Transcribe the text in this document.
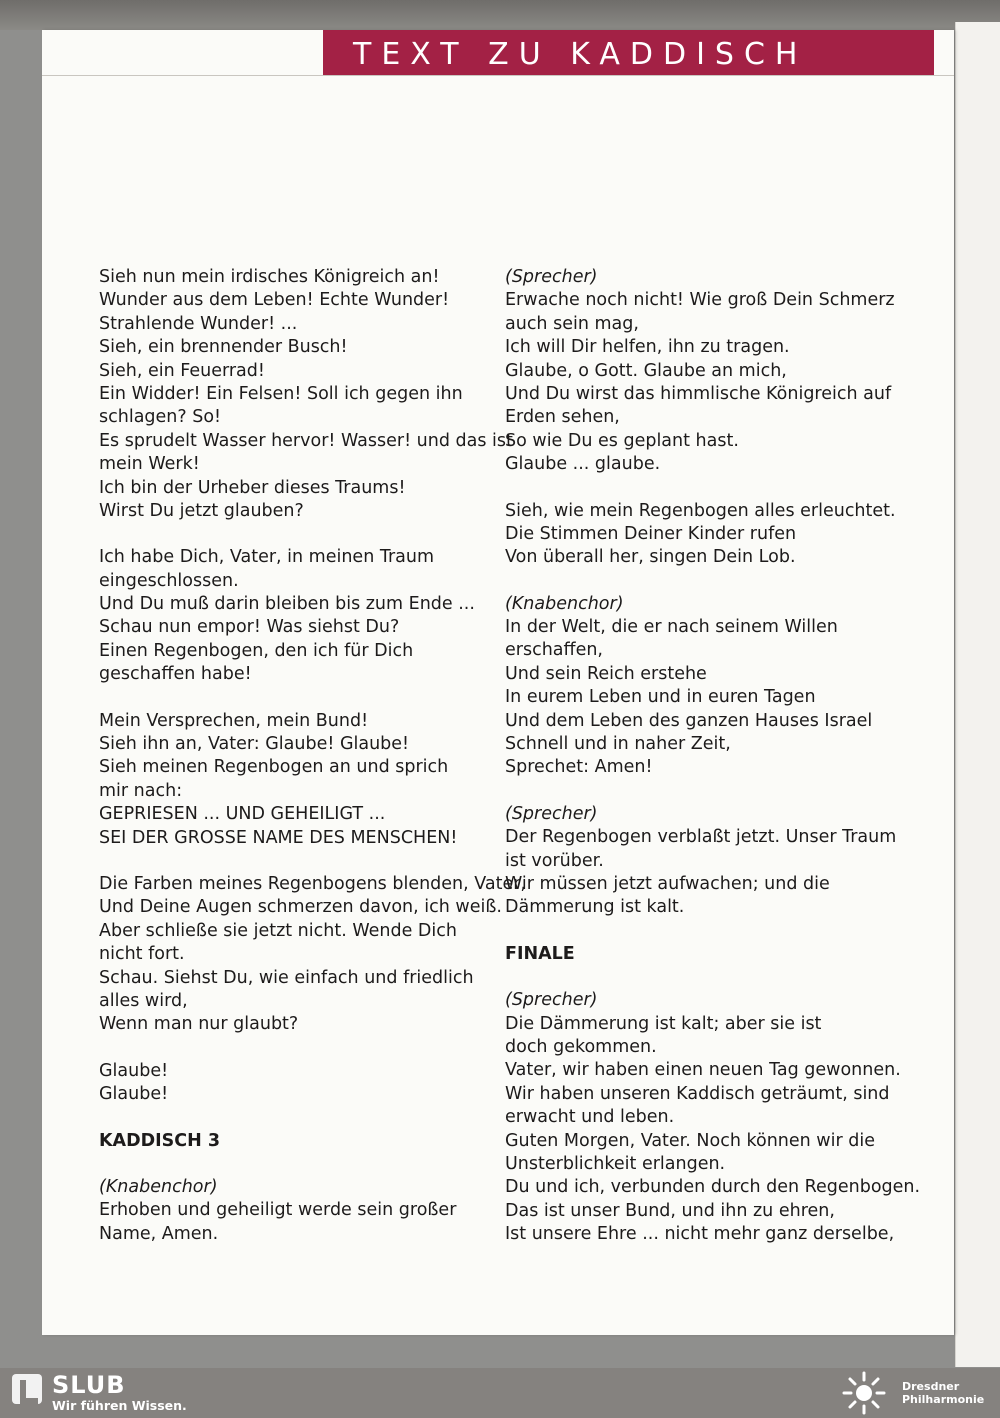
TEXT ZU KADDISCH
Sieh nun mein irdisches Königreich an!
Wunder aus dem Leben! Echte Wunder!
Strahlende Wunder! ...
Sieh, ein brennender Busch!
Sieh, ein Feuerrad!
Ein Widder! Ein Felsen! Soll ich gegen ihn
schlagen? So!
Es sprudelt Wasser hervor! Wasser! und das ist
mein Werk!
Ich bin der Urheber dieses Traums!
Wirst Du jetzt glauben?
Ich habe Dich, Vater, in meinen Traum
eingeschlossen.
Und Du muß darin bleiben bis zum Ende ...
Schau nun empor! Was siehst Du?
Einen Regenbogen, den ich für Dich
geschaffen habe!
Mein Versprechen, mein Bund!
Sieh ihn an, Vater: Glaube! Glaube!
Sieh meinen Regenbogen an und sprich
mir nach:
GEPRIESEN ... UND GEHEILIGT ...
SEI DER GROSSE NAME DES MENSCHEN!
Die Farben meines Regenbogens blenden, Vater,
Und Deine Augen schmerzen davon, ich weiß.
Aber schließe sie jetzt nicht. Wende Dich
nicht fort.
Schau. Siehst Du, wie einfach und friedlich
alles wird,
Wenn man nur glaubt?
Glaube!
Glaube!
KADDISCH 3
(Knabenchor)
Erhoben und geheiligt werde sein großer
Name, Amen.
(Sprecher)
Erwache noch nicht! Wie groß Dein Schmerz
auch sein mag,
Ich will Dir helfen, ihn zu tragen.
Glaube, o Gott. Glaube an mich,
Und Du wirst das himmlische Königreich auf
Erden sehen,
So wie Du es geplant hast.
Glaube ... glaube.
Sieh, wie mein Regenbogen alles erleuchtet.
Die Stimmen Deiner Kinder rufen
Von überall her, singen Dein Lob.
(Knabenchor)
In der Welt, die er nach seinem Willen
erschaffen,
Und sein Reich erstehe
In eurem Leben und in euren Tagen
Und dem Leben des ganzen Hauses Israel
Schnell und in naher Zeit,
Sprechet: Amen!
(Sprecher)
Der Regenbogen verblaßt jetzt. Unser Traum
ist vorüber.
Wir müssen jetzt aufwachen; und die
Dämmerung ist kalt.
FINALE
(Sprecher)
Die Dämmerung ist kalt; aber sie ist
doch gekommen.
Vater, wir haben einen neuen Tag gewonnen.
Wir haben unseren Kaddisch geträumt, sind
erwacht und leben.
Guten Morgen, Vater. Noch können wir die
Unsterblichkeit erlangen.
Du und ich, verbunden durch den Regenbogen.
Das ist unser Bund, und ihn zu ehren,
Ist unsere Ehre ... nicht mehr ganz derselbe,
SLUB
Wir führen Wissen.
Dresdner
Philharmonie
